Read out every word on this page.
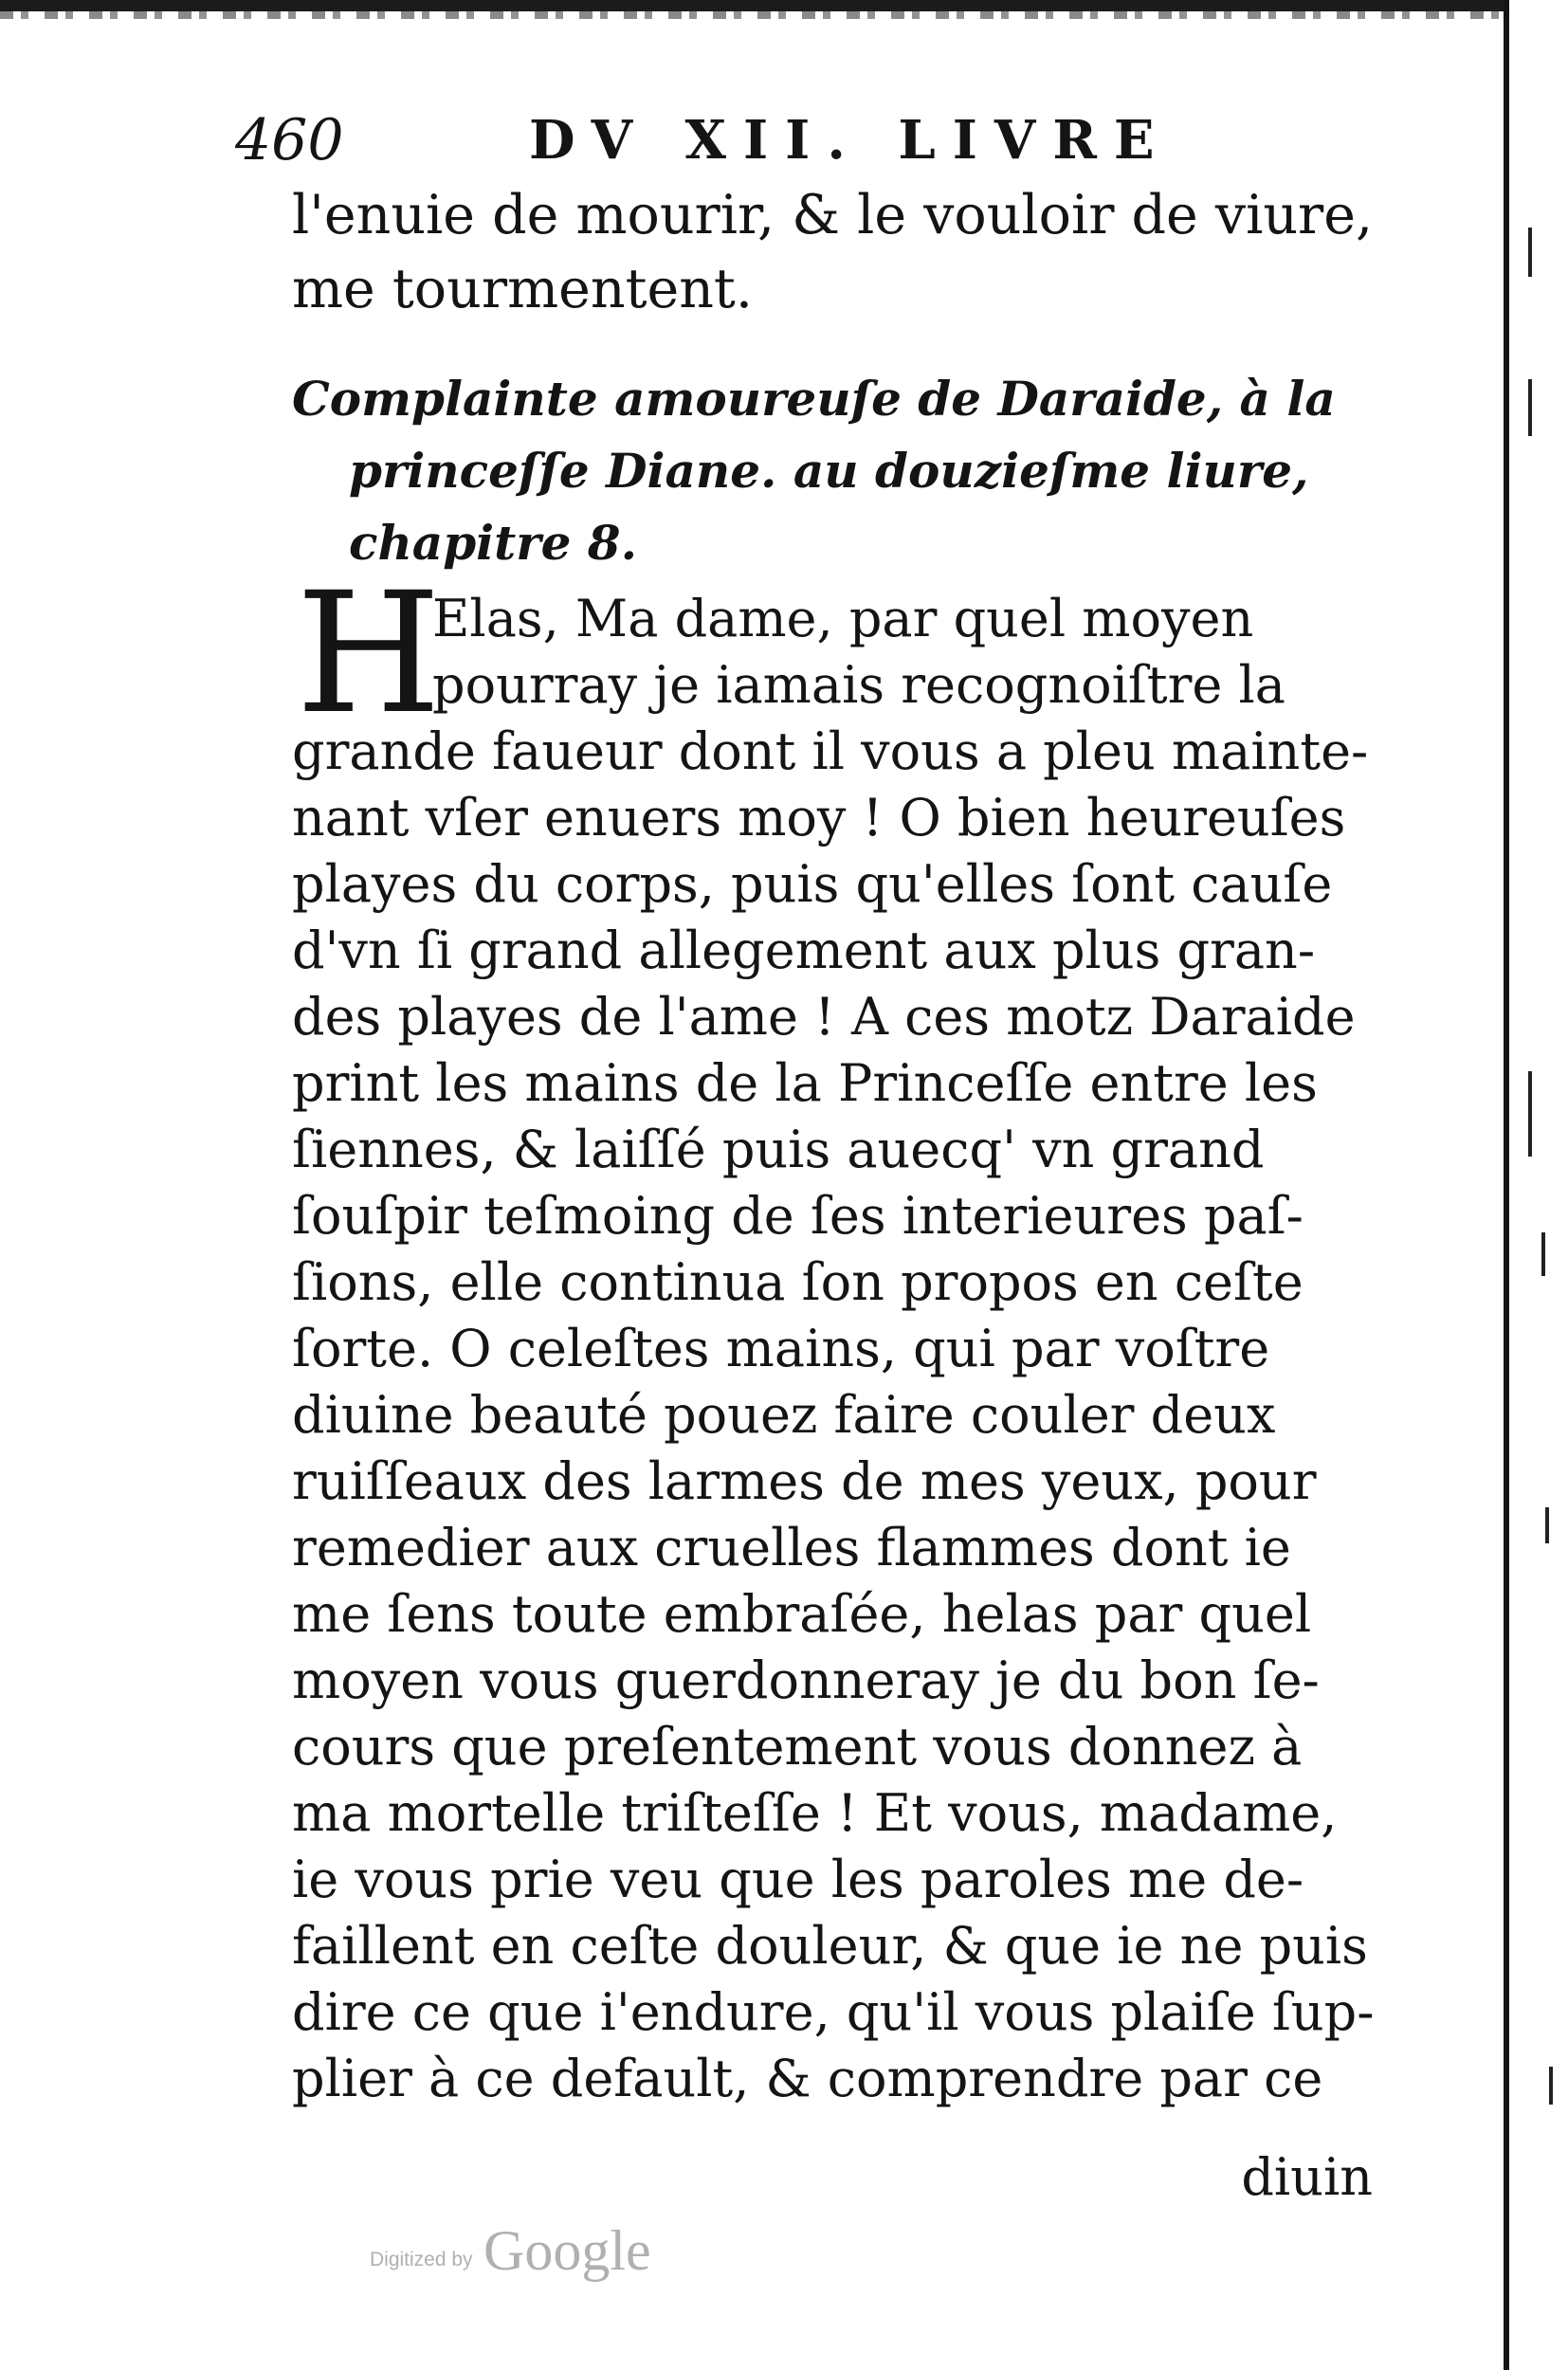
460	DV XII. LIVRE
l'enuie de mourir, & le vouloir de viure,
me tourmentent.
Complainte amoureuſe de Daraide, à la
princeſſe Diane. au douzieſme liure,
chapitre 8.
H
Elas, Ma dame, par quel moyen
pourray je iamais recognoiſtre la
grande faueur dont il vous a pleu mainte-
nant vſer enuers moy ! O bien heureuſes
playes du corps, puis qu'elles ſont cauſe
d'vn ſi grand allegement aux plus gran-
des playes de l'ame ! A ces motz Daraide
print les mains de la Princeſſe entre les
ſiennes, & laiſſé puis auecq' vn grand
ſouſpir teſmoing de ſes interieures paſ-
ſions, elle continua ſon propos en ceſte
ſorte. O celeſtes mains, qui par voſtre
diuine beauté pouez faire couler deux
ruiſſeaux des larmes de mes yeux, pour
remedier aux cruelles flammes dont ie
me ſens toute embraſée, helas par quel
moyen vous guerdonneray je du bon ſe-
cours que preſentement vous donnez à
ma mortelle triſteſſe ! Et vous, madame,
ie vous prie veu que les paroles me de-
faillent en ceſte douleur, & que ie ne puis
dire ce que i'endure, qu'il vous plaiſe ſup-
plier à ce default, & comprendre par ce
diuin
Digitized by Google
